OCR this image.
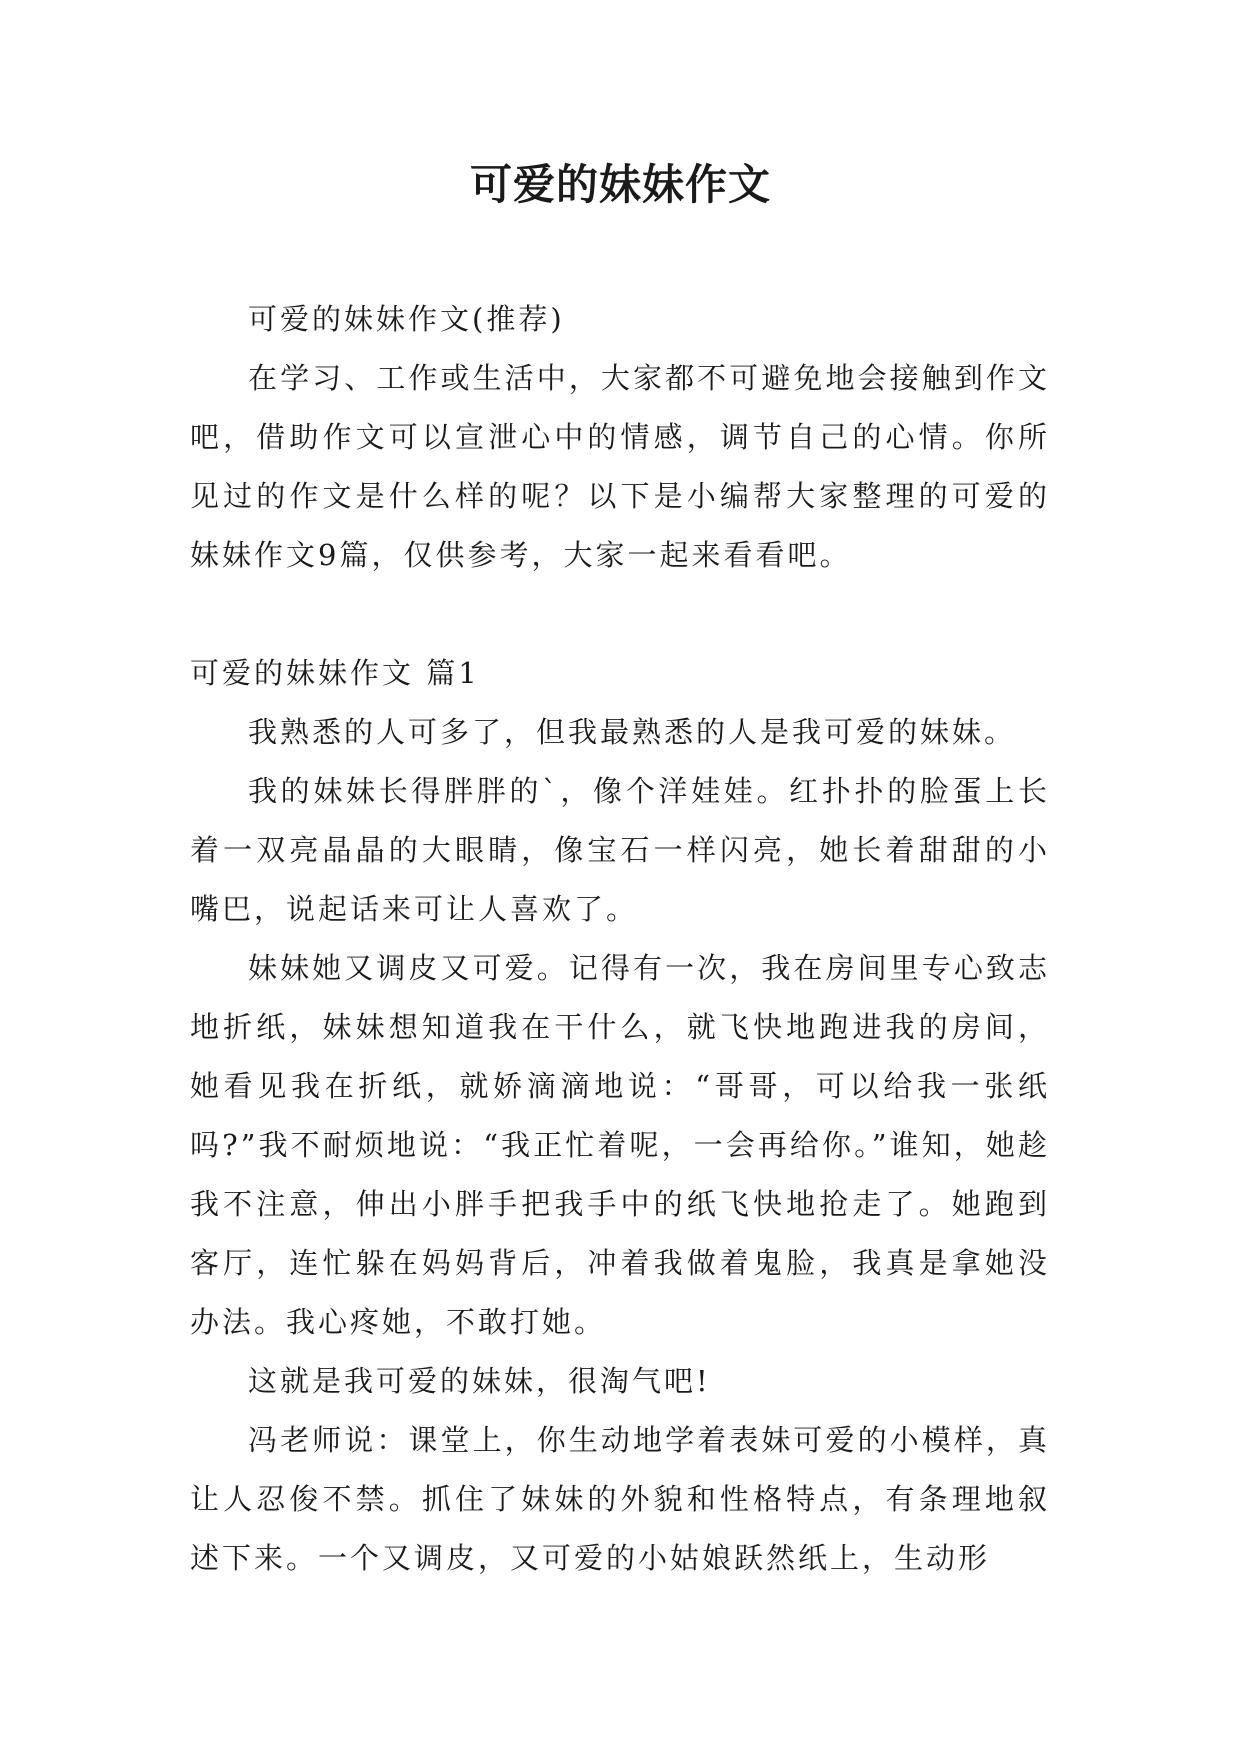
可爱的妹妹作文

可爱的妹妹作文(推荐)

在学习、工作或生活中，大家都不可避免地会接触到作文吧，借助作文可以宣泄心中的情感，调节自己的心情。你所见过的作文是什么样的呢？以下是小编帮大家整理的可爱的妹妹作文9篇，仅供参考，大家一起来看看吧。

可爱的妹妹作文 篇1

我熟悉的人可多了，但我最熟悉的人是我可爱的妹妹。

我的妹妹长得胖胖的`，像个洋娃娃。红扑扑的脸蛋上长着一双亮晶晶的大眼睛，像宝石一样闪亮，她长着甜甜的小嘴巴，说起话来可让人喜欢了。

妹妹她又调皮又可爱。记得有一次，我在房间里专心致志地折纸，妹妹想知道我在干什么，就飞快地跑进我的房间，她看见我在折纸，就娇滴滴地说：“哥哥，可以给我一张纸吗?”我不耐烦地说：“我正忙着呢，一会再给你。”谁知，她趁我不注意，伸出小胖手把我手中的纸飞快地抢走了。她跑到客厅，连忙躲在妈妈背后，冲着我做着鬼脸，我真是拿她没办法。我心疼她，不敢打她。

这就是我可爱的妹妹，很淘气吧!

冯老师说：课堂上，你生动地学着表妹可爱的小模样，真让人忍俊不禁。抓住了妹妹的外貌和性格特点，有条理地叙述下来。一个又调皮，又可爱的小姑娘跃然纸上，生动形
